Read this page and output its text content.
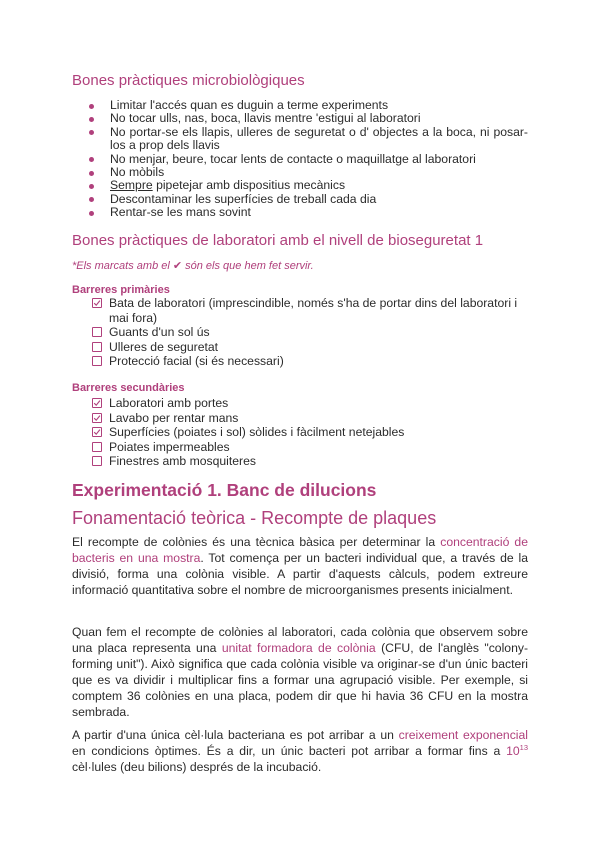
Bones pràctiques microbiològiques
Limitar l'accés quan es duguin a terme experiments
No tocar ulls, nas, boca, llavis mentre 'estigui al laboratori
No portar-se els llapis, ulleres de seguretat o d' objectes a la boca, ni posar-los a prop dels llavis
No menjar, beure, tocar lents de contacte o maquillatge al laboratori
No mòbils
Sempre pipetejar amb dispositius mecànics
Descontaminar les superfícies de treball cada dia
Rentar-se les mans sovint
Bones pràctiques de laboratori amb el nivell de bioseguretat 1

*Els marcats amb el ✔ són els que hem fet servir.

Barreres primàries

Bata de laboratori (imprescindible, només s'ha de portar dins del laboratori i mai fora)
Guants d'un sol ús
Ulleres de seguretat
Protecció facial (si és necessari)

Barreres secundàries

Laboratori amb portes
Lavabo per rentar mans
Superfícies (poiates i sol) sòlides i fàcilment netejables
Poiates impermeables
Finestres amb mosquiteres
Experimentació 1. Banc de dilucions
Fonamentació teòrica - Recompte de plaques

El recompte de colònies és una tècnica bàsica per determinar la concentració de bacteris en una mostra. Tot comença per un bacteri individual que, a través de la divisió, forma una colònia visible. A partir d'aquests càlculs, podem extreure informació quantitativa sobre el nombre de microorganismes presents inicialment.

Quan fem el recompte de colònies al laboratori, cada colònia que observem sobre una placa representa una unitat formadora de colònia (CFU, de l'anglès "colony-forming unit"). Això significa que cada colònia visible va originar-se d'un únic bacteri que es va dividir i multiplicar fins a formar una agrupació visible. Per exemple, si comptem 36 colònies en una placa, podem dir que hi havia 36 CFU en la mostra sembrada.

A partir d'una única cèl·lula bacteriana es pot arribar a un creixement exponencial en condicions òptimes. És a dir, un únic bacteri pot arribar a formar fins a $10^{13}$ cèl·lules (deu bilions) després de la incubació.
